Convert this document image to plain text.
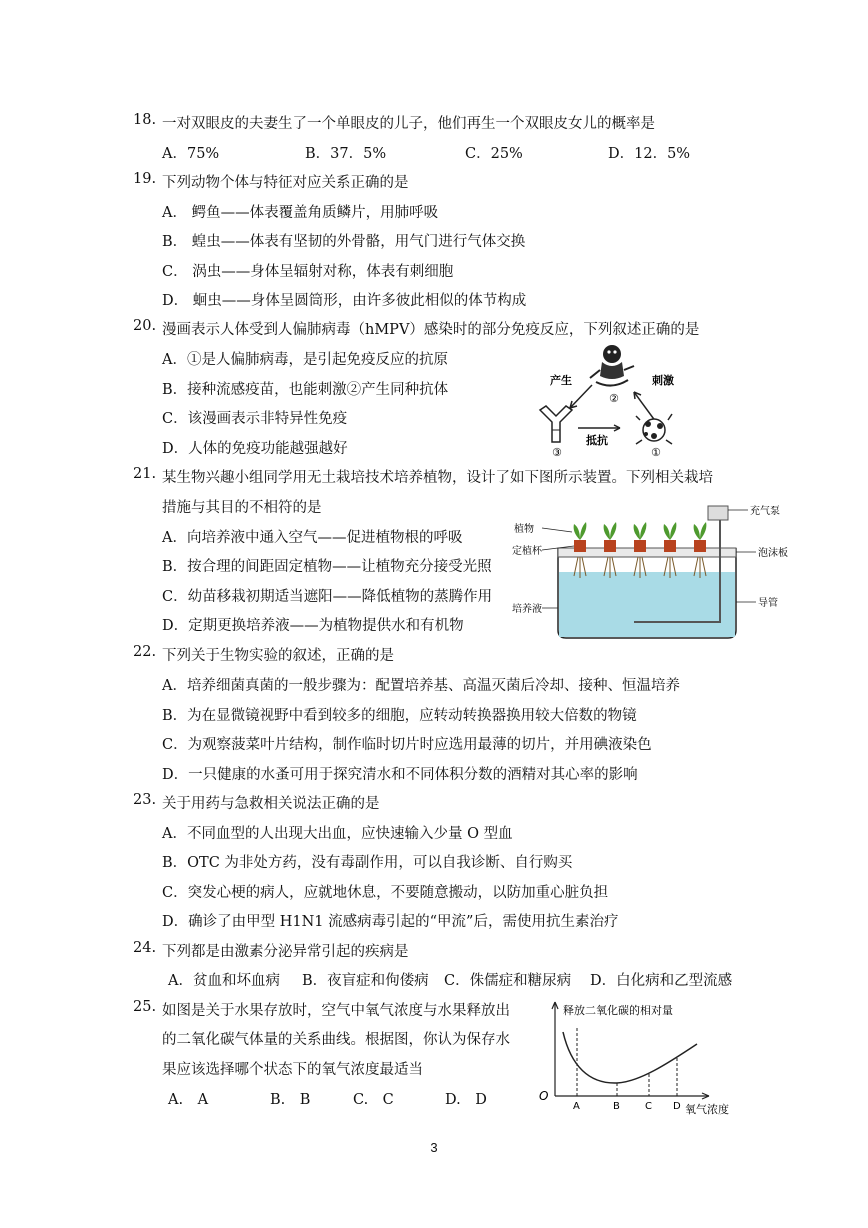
18. 一对双眼皮的夫妻生了一个单眼皮的儿子，他们再生一个双眼皮女儿的概率是
A．75%	B．37．5%	C．25%	D．12．5%
19. 下列动物个体与特征对应关系正确的是
A． 鳄鱼——体表覆盖角质鳞片，用肺呼吸
B． 蝗虫——体表有坚韧的外骨骼，用气门进行气体交换
C． 涡虫——身体呈辐射对称，体表有刺细胞
D． 蛔虫——身体呈圆筒形，由许多彼此相似的体节构成
20. 漫画表示人体受到人偏肺病毒（hMPV）感染时的部分免疫反应，下列叙述正确的是
A．①是人偏肺病毒，是引起免疫反应的抗原
B．接种流感疫苗，也能刺激②产生同种抗体
C．该漫画表示非特异性免疫
D．人体的免疫功能越强越好
②
产生	刺激
③
抵抗
①
21. 某生物兴趣小组同学用无土栽培技术培养植物，设计了如下图所示装置。下列相关栽培
措施与其目的不相符的是
A．向培养液中通入空气——促进植物根的呼吸
B．按合理的间距固定植物——让植物充分接受光照
C．幼苗移栽初期适当遮阳——降低植物的蒸腾作用
D．定期更换培养液——为植物提供水和有机物
植物
定植杯
培养液
充气泵
泡沫板
导管
22. 下列关于生物实验的叙述，正确的是
A．培养细菌真菌的一般步骤为：配置培养基、高温灭菌后冷却、接种、恒温培养
B．为在显微镜视野中看到较多的细胞，应转动转换器换用较大倍数的物镜
C．为观察菠菜叶片结构，制作临时切片时应选用最薄的切片，并用碘液染色
D．一只健康的水蚤可用于探究清水和不同体积分数的酒精对其心率的影响
23. 关于用药与急救相关说法正确的是
A．不同血型的人出现大出血，应快速输入少量 O 型血
B．OTC 为非处方药，没有毒副作用，可以自我诊断、自行购买
C．突发心梗的病人，应就地休息，不要随意搬动，以防加重心脏负担
D．确诊了由甲型 H1N1 流感病毒引起的“甲流”后，需使用抗生素治疗
24. 下列都是由激素分泌异常引起的疾病是
A．贫血和坏血病 B．夜盲症和佝偻病 C．侏儒症和糖尿病 D．白化病和乙型流感
25. 如图是关于水果存放时，空气中氧气浓度与水果释放出
的二氧化碳气体量的关系曲线。根据图，你认为保存水
果应该选择哪个状态下的氧气浓度最适当
A.　A	B.　B	C.　C	D.　D
释放二氧化碳的相对量
氧气浓度
O
A	B	C D
3
